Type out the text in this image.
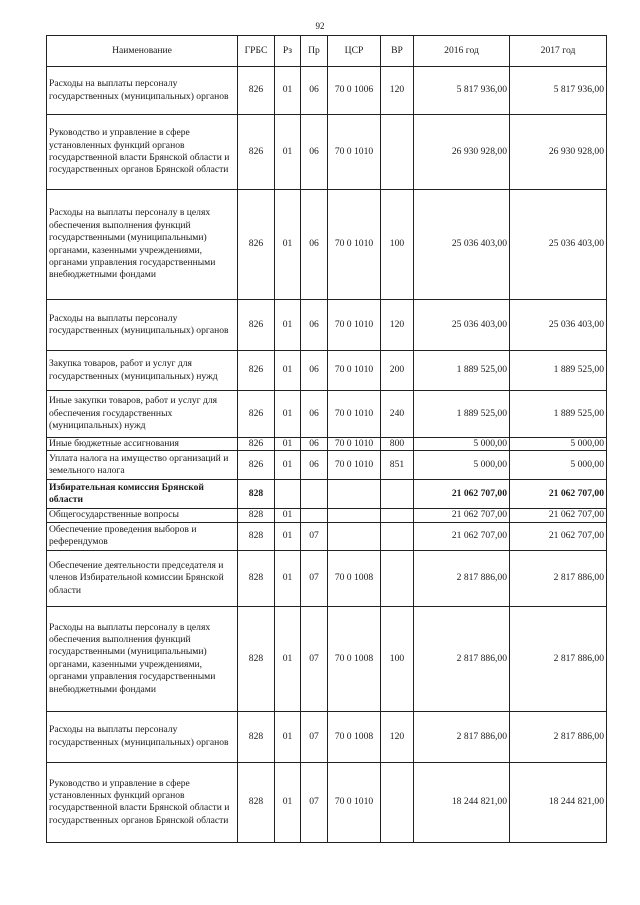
92
Наименование	ГРБС	Рз	Пр	ЦСР	ВР	2016 год	2017 год
Расходы на выплаты персоналу государственных (муниципальных) органов	826	01	06	70 0 1006	120	5 817 936,00	5 817 936,00
Руководство и управление в сфере установленных функций органов государственной власти Брянской области и государственных органов Брянской области	826	01	06	70 0 1010		26 930 928,00	26 930 928,00
Расходы на выплаты персоналу в целях обеспечения выполнения функций государственными (муниципальными) органами, казенными учреждениями, органами управления государственными внебюджетными фондами	826	01	06	70 0 1010	100	25 036 403,00	25 036 403,00
Расходы на выплаты персоналу государственных (муниципальных) органов	826	01	06	70 0 1010	120	25 036 403,00	25 036 403,00
Закупка товаров, работ и услуг для государственных (муниципальных) нужд	826	01	06	70 0 1010	200	1 889 525,00	1 889 525,00
Иные закупки товаров, работ и услуг для обеспечения государственных (муниципальных) нужд	826	01	06	70 0 1010	240	1 889 525,00	1 889 525,00
Иные бюджетные ассигнования	826	01	06	70 0 1010	800	5 000,00	5 000,00
Уплата налога на имущество организаций и земельного налога	826	01	06	70 0 1010	851	5 000,00	5 000,00
Избирательная комиссия Брянской области	828					21 062 707,00	21 062 707,00
Общегосударственные вопросы	828	01				21 062 707,00	21 062 707,00
Обеспечение проведения выборов и референдумов	828	01	07			21 062 707,00	21 062 707,00
Обеспечение деятельности председателя и членов Избирательной комиссии Брянской области	828	01	07	70 0 1008		2 817 886,00	2 817 886,00
Расходы на выплаты персоналу в целях обеспечения выполнения функций государственными (муниципальными) органами, казенными учреждениями, органами управления государственными внебюджетными фондами	828	01	07	70 0 1008	100	2 817 886,00	2 817 886,00
Расходы на выплаты персоналу государственных (муниципальных) органов	828	01	07	70 0 1008	120	2 817 886,00	2 817 886,00
Руководство и управление в сфере установленных функций органов государственной власти Брянской области и государственных органов Брянской области	828	01	07	70 0 1010		18 244 821,00	18 244 821,00
